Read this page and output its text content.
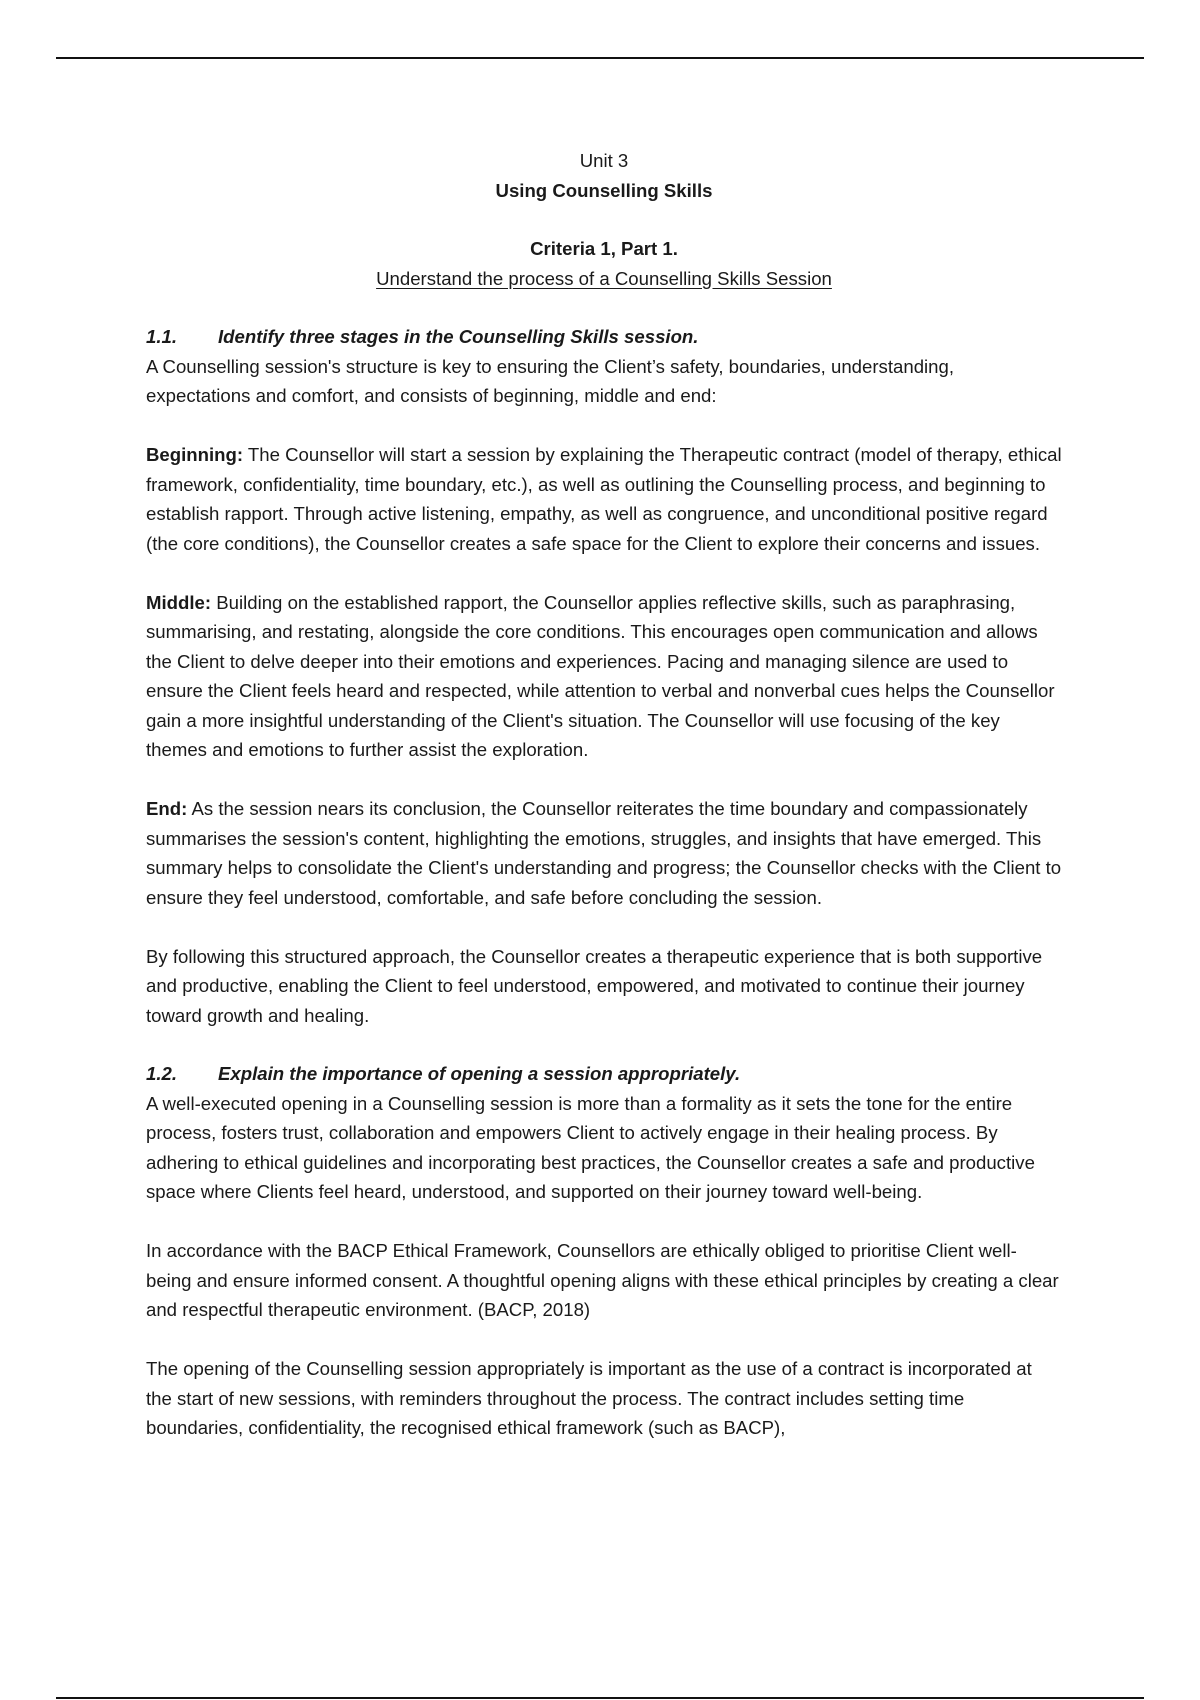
Unit 3

Using Counselling Skills

Criteria 1, Part 1.

Understand the process of a Counselling Skills Session

1.1. Identify three stages in the Counselling Skills session.

A Counselling session's structure is key to ensuring the Client’s safety, boundaries, understanding, expectations and comfort, and consists of beginning, middle and end:

Beginning: The Counsellor will start a session by explaining the Therapeutic contract (model of therapy, ethical framework, confidentiality, time boundary, etc.), as well as outlining the Counselling process, and beginning to establish rapport. Through active listening, empathy, as well as congruence, and unconditional positive regard (the core conditions), the Counsellor creates a safe space for the Client to explore their concerns and issues.

Middle: Building on the established rapport, the Counsellor applies reflective skills, such as paraphrasing, summarising, and restating, alongside the core conditions. This encourages open communication and allows the Client to delve deeper into their emotions and experiences. Pacing and managing silence are used to ensure the Client feels heard and respected, while attention to verbal and nonverbal cues helps the Counsellor gain a more insightful understanding of the Client's situation. The Counsellor will use focusing of the key themes and emotions to further assist the exploration.

End: As the session nears its conclusion, the Counsellor reiterates the time boundary and compassionately summarises the session's content, highlighting the emotions, struggles, and insights that have emerged. This summary helps to consolidate the Client's understanding and progress; the Counsellor checks with the Client to ensure they feel understood, comfortable, and safe before concluding the session.

By following this structured approach, the Counsellor creates a therapeutic experience that is both supportive and productive, enabling the Client to feel understood, empowered, and motivated to continue their journey toward growth and healing.

1.2. Explain the importance of opening a session appropriately.

A well-executed opening in a Counselling session is more than a formality as it sets the tone for the entire process, fosters trust, collaboration and empowers Client to actively engage in their healing process. By adhering to ethical guidelines and incorporating best practices, the Counsellor creates a safe and productive space where Clients feel heard, understood, and supported on their journey toward well-being.

In accordance with the BACP Ethical Framework, Counsellors are ethically obliged to prioritise Client well-being and ensure informed consent. A thoughtful opening aligns with these ethical principles by creating a clear and respectful therapeutic environment. (BACP, 2018)

The opening of the Counselling session appropriately is important as the use of a contract is incorporated at the start of new sessions, with reminders throughout the process. The contract includes setting time boundaries, confidentiality, the recognised ethical framework (such as BACP),
